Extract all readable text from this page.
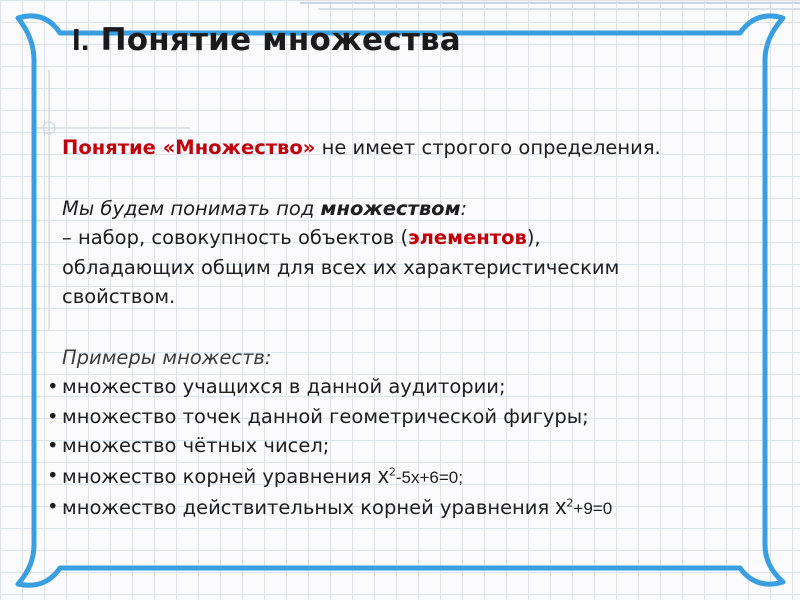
I. Понятие множества

Понятие «Множество» не имеет строгого определения.

Мы будем понимать под множеством:

– набор, совокупность объектов (элементов),

обладающих общим для всех их характеристическим

свойством.

Примеры множеств:

• множество учащихся в данной аудитории;
• множество точек данной геометрической фигуры;
• множество чётных чисел;
• множество корней уравнения $x^2-5x+6=0$;
• множество действительных корней уравнения $x^2+9=0$
